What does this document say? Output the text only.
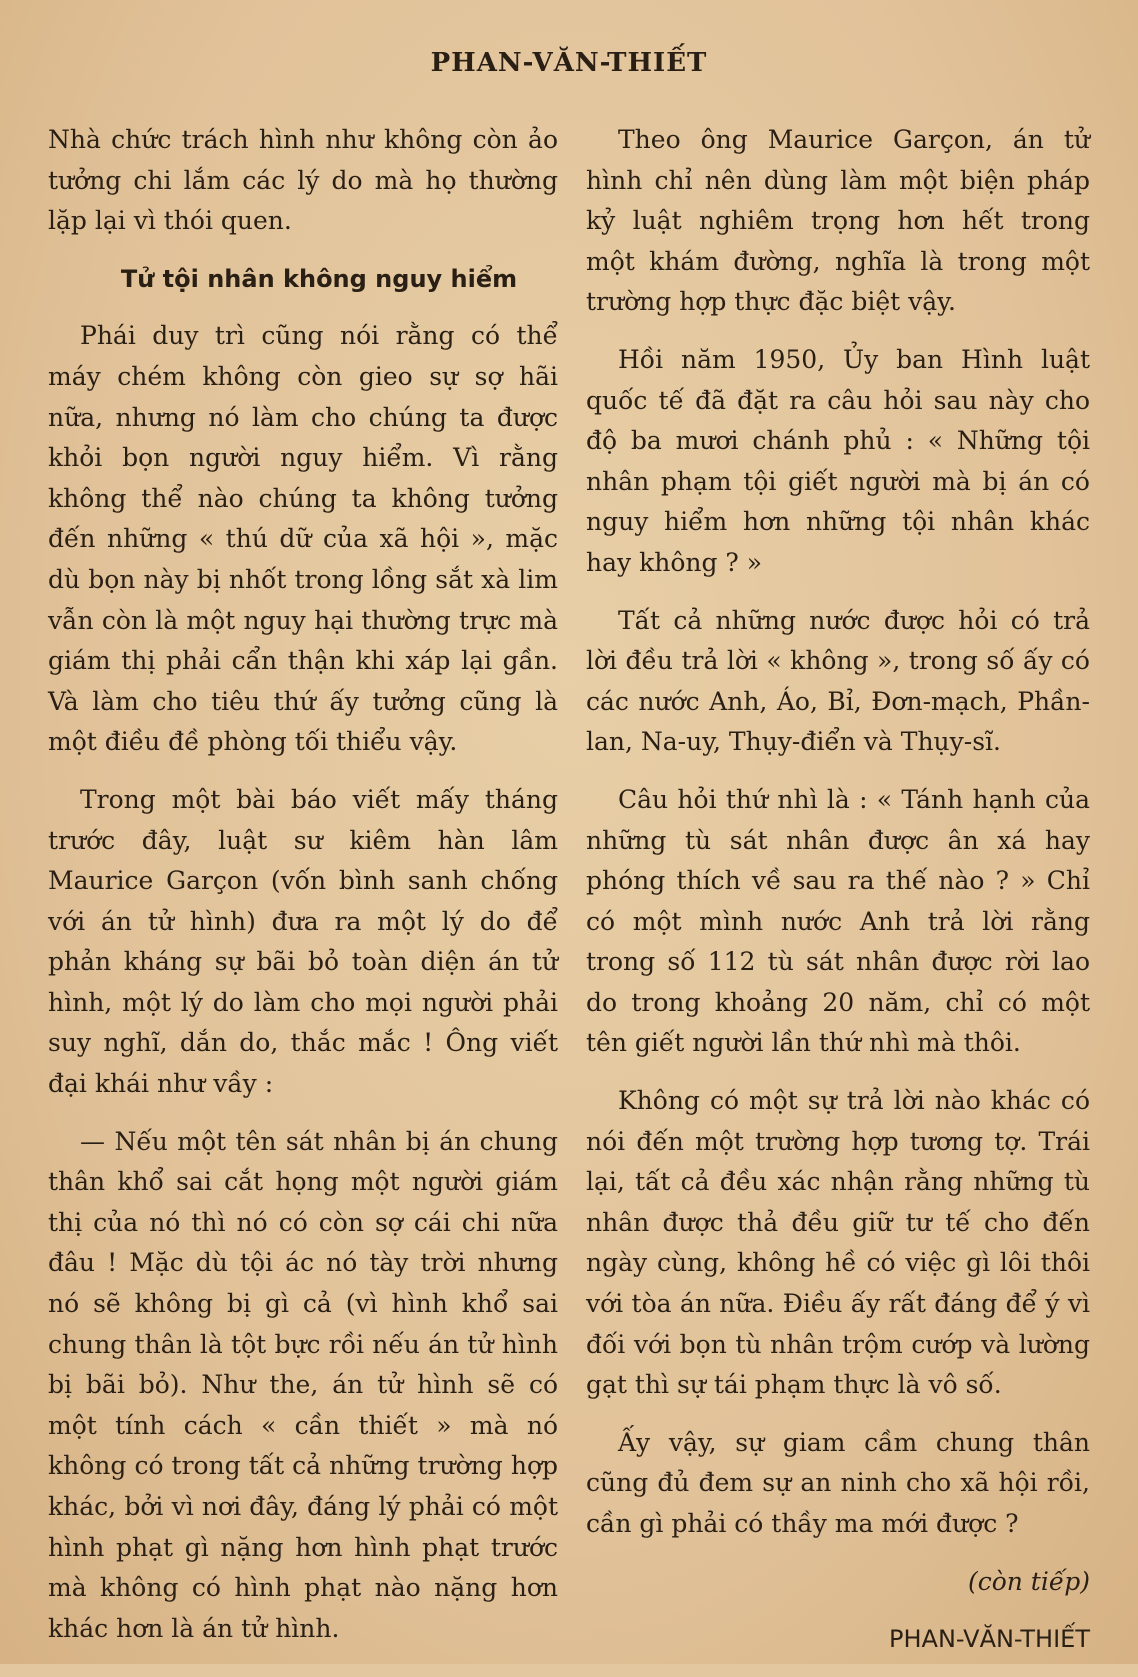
PHAN-VĂN-THIẾT

Nhà chức trách hình như không còn ảo tưởng chi lắm các lý do mà họ thường lặp lại vì thói quen.

Tử tội nhân không nguy hiểm

Phái duy trì cũng nói rằng có thể máy chém không còn gieo sự sợ hãi nữa, nhưng nó làm cho chúng ta được khỏi bọn người nguy hiểm. Vì rằng không thể nào chúng ta không tưởng đến những « thú dữ của xã hội », mặc dù bọn này bị nhốt trong lồng sắt xà lim vẫn còn là một nguy hại thường trực mà giám thị phải cẩn thận khi xáp lại gần. Và làm cho tiêu thứ ấy tưởng cũng là một điều đề phòng tối thiểu vậy.

Trong một bài báo viết mấy tháng trước đây, luật sư kiêm hàn lâm Maurice Garçon (vốn bình sanh chống với án tử hình) đưa ra một lý do để phản kháng sự bãi bỏ toàn diện án tử hình, một lý do làm cho mọi người phải suy nghĩ, dắn do, thắc mắc ! Ông viết đại khái như vầy :

— Nếu một tên sát nhân bị án chung thân khổ sai cắt họng một người giám thị của nó thì nó có còn sợ cái chi nữa đâu ! Mặc dù tội ác nó tày trời nhưng nó sẽ không bị gì cả (vì hình khổ sai chung thân là tột bực rồi nếu án tử hình bị bãi bỏ). Như the, án tử hình sẽ có một tính cách « cần thiết » mà nó không có trong tất cả những trường hợp khác, bởi vì nơi đây, đáng lý phải có một hình phạt gì nặng hơn hình phạt trước mà không có hình phạt nào nặng hơn khác hơn là án tử hình.

Theo ông Maurice Garçon, án tử hình chỉ nên dùng làm một biện pháp kỷ luật nghiêm trọng hơn hết trong một khám đường, nghĩa là trong một trường hợp thực đặc biệt vậy.

Hồi năm 1950, Ủy ban Hình luật quốc tế đã đặt ra câu hỏi sau này cho độ ba mươi chánh phủ : « Những tội nhân phạm tội giết người mà bị án có nguy hiểm hơn những tội nhân khác hay không ? »

Tất cả những nước được hỏi có trả lời đều trả lời « không », trong số ấy có các nước Anh, Áo, Bỉ, Đơn-mạch, Phần-lan, Na-uy, Thụy-điển và Thụy-sĩ.

Câu hỏi thứ nhì là : « Tánh hạnh của những tù sát nhân được ân xá hay phóng thích về sau ra thế nào ? » Chỉ có một mình nước Anh trả lời rằng trong số 112 tù sát nhân được rời lao do trong khoảng 20 năm, chỉ có một tên giết người lần thứ nhì mà thôi.

Không có một sự trả lời nào khác có nói đến một trường hợp tương tợ. Trái lại, tất cả đều xác nhận rằng những tù nhân được thả đều giữ tư tế cho đến ngày cùng, không hề có việc gì lôi thôi với tòa án nữa. Điều ấy rất đáng để ý vì đối với bọn tù nhân trộm cướp và lường gạt thì sự tái phạm thực là vô số.

Ấy vậy, sự giam cầm chung thân cũng đủ đem sự an ninh cho xã hội rồi, cần gì phải có thầy ma mới được ?

(còn tiếp)

PHAN-VĂN-THIẾT
